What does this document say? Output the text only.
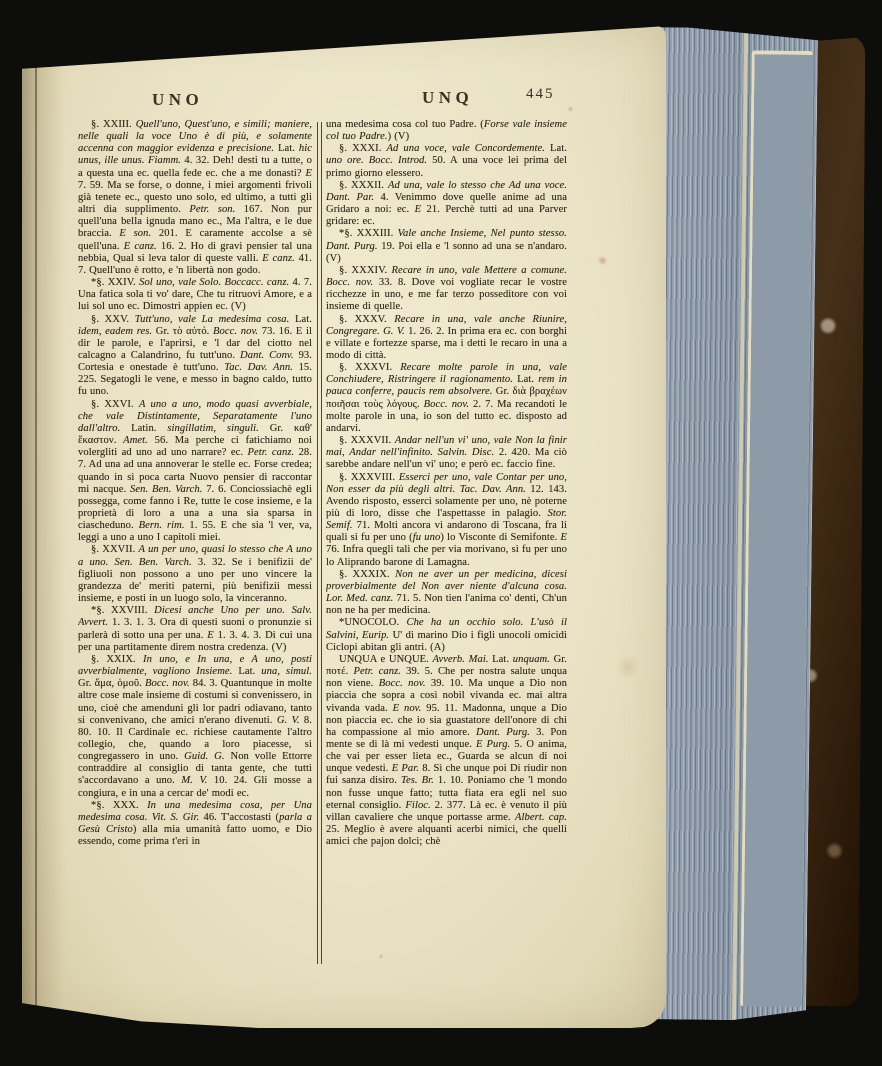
UNO	UNQ	445

§. XXIII. Quell'uno, Quest'uno, e simili; maniere, nelle quali la voce Uno è di più, e solamente accenna con maggior evidenza e precisione. Lat. hic unus, ille unus. Fiamm. 4. 32. Deh! desti tu a tutte, o a questa una ec. quella fede ec. che a me donasti? E 7. 59. Ma se forse, o donne, i miei argomenti frivoli già tenete ec., questo uno solo, ed ultimo, a tutti gli altri dia supplimento. Petr. son. 167. Non pur quell'una bella ignuda mano ec., Ma l'altra, e le due braccia. E son. 201. E caramente accolse a sè quell'una. E canz. 16. 2. Ho di gravi pensier tal una nebbia, Qual si leva talor di queste valli. E canz. 41. 7. Quell'uno è rotto, e 'n libertà non godo.

*§. XXIV. Sol uno, vale Solo. Boccacc. canz. 4. 7. Una fatica sola ti vo' dare, Che tu ritruovi Amore, e a lui sol uno ec. Dimostri appien ec. (V)

§. XXV. Tutt'uno, vale La medesima cosa. Lat. idem, eadem res. Gr. τὸ αὐτό. Bocc. nov. 73. 16. E il dir le parole, e l'aprirsi, e 'l dar del ciotto nel calcagno a Calandrino, fu tutt'uno. Dant. Conv. 93. Cortesia e onestade è tutt'uno. Tac. Dav. Ann. 15. 225. Segatogli le vene, e messo in bagno caldo, tutto fu uno.

§. XXVI. A uno a uno, modo quasi avverbiale, che vale Distintamente, Separatamente l'uno dall'altro. Latin. singillatim, singuli. Gr. καθ' ἕκαστον. Amet. 56. Ma perche ci fatichiamo noi volergliti ad uno ad uno narrare? ec. Petr. canz. 28. 7. Ad una ad una annoverar le stelle ec. Forse credea; quando in sì poca carta Nuovo pensier di raccontar mi nacque. Sen. Ben. Varch. 7. 6. Conciossiachè egli possegga, come fanno i Re, tutte le cose insieme, e la proprietà di loro a una a una sia sparsa in ciascheduno. Bern. rim. 1. 55. E che sia 'l ver, va, leggi a uno a uno I capitoli miei.

§. XXVII. A un per uno, quasi lo stesso che A uno a uno. Sen. Ben. Varch. 3. 32. Se i benifizii de' figliuoli non possono a uno per uno vincere la grandezza de' meriti paterni, più benifizii messi insieme, e posti in un luogo solo, la vinceranno.

*§. XXVIII. Dicesi anche Uno per uno. Salv. Avvert. 1. 3. 1. 3. Ora di questi suoni o pronunzie si parlerà di sotto una per una. E 1. 3. 4. 3. Di cui una per una partitamente direm nostra credenza. (V)

§. XXIX. In uno, e In una, e A uno, posti avverbialmente, vagliono Insieme. Lat. una, simul. Gr. ἅμα, ὁμοῦ. Bocc. nov. 84. 3. Quantunque in molte altre cose male insieme di costumi si convenissero, in uno, cioè che amenduni gli lor padri odiavano, tanto si convenivano, che amici n'erano divenuti. G. V. 8. 80. 10. Il Cardinale ec. richiese cautamente l'altro collegio, che, quando a loro piacesse, si congregassero in uno. Guid. G. Non volle Ettorre contraddire al consiglio di tanta gente, che tutti s'accordavano a uno. M. V. 10. 24. Gli mosse a congiura, e in una a cercar de' modi ec.

*§. XXX. In una medesima cosa, per Una medesima cosa. Vit. S. Gir. 46. T'accostasti (parla a Gesù Cristo) alla mia umanità fatto uomo, e Dio essendo, come prima t'eri in

una medesima cosa col tuo Padre. (Forse vale insieme col tuo Padre.) (V)

§. XXXI. Ad una voce, vale Concordemente. Lat. uno ore. Bocc. Introd. 50. A una voce lei prima del primo giorno elessero.

§. XXXII. Ad una, vale lo stesso che Ad una voce. Dant. Par. 4. Venimmo dove quelle anime ad una Gridaro a noi: ec. E 21. Perchè tutti ad una Parver gridare: ec.

*§. XXXIII. Vale anche Insieme, Nel punto stesso. Dant. Purg. 19. Poi ella e 'l sonno ad una se n'andaro. (V)

§. XXXIV. Recare in uno, vale Mettere a comune. Bocc. nov. 33. 8. Dove voi vogliate recar le vostre ricchezze in uno, e me far terzo posseditore con voi insieme di quelle.

§. XXXV. Recare in una, vale anche Riunire, Congregare. G. V. 1. 26. 2. In prima era ec. con borghi e villate e fortezze sparse, ma i detti le recaro in una a modo di città.

§. XXXVI. Recare molte parole in una, vale Conchiudere, Ristringere il ragionamento. Lat. rem in pauca conferre, paucis rem absolvere. Gr. διὰ βραχέων ποιῆσαι τοὺς λόγους. Bocc. nov. 2. 7. Ma recandoti le molte parole in una, io son del tutto ec. disposto ad andarvi.

§. XXXVII. Andar nell'un vi' uno, vale Non la finir mai, Andar nell'infinito. Salvin. Disc. 2. 420. Ma ciò sarebbe andare nell'un vi' uno; e però ec. faccio fine.

§. XXXVIII. Esserci per uno, vale Contar per uno, Non esser da più degli altri. Tac. Dav. Ann. 12. 143. Avendo risposto, esserci solamente per uno, nè poterne più di loro, disse che l'aspettasse in palagio. Stor. Semif. 71. Molti ancora vi andarono di Toscana, fra li quali si fu per uno (fu uno) lo Visconte di Semifonte. E 76. Infra quegli tali che per via morivano, sì fu per uno lo Aliprando barone di Lamagna.

§. XXXIX. Non ne aver un per medicina, dicesi proverbialmente del Non aver niente d'alcuna cosa. Lor. Med. canz. 71. 5. Non tien l'anima co' denti, Ch'un non ne ha per medicina.

*UNOCOLO. Che ha un occhio solo. L'usò il Salvini, Eurip. U' di marino Dio i figli unocoli omicidi Ciclopi abitan gli antri. (A)

UNQUA e UNQUE. Avverb. Mai. Lat. unquam. Gr. ποτέ. Petr. canz. 39. 5. Che per nostra salute unqua non viene. Bocc. nov. 39. 10. Ma unque a Dio non piaccia che sopra a così nobil vivanda ec. mai altra vivanda vada. E nov. 95. 11. Madonna, unque a Dio non piaccia ec. che io sia guastatore dell'onore di chi ha compassione al mio amore. Dant. Purg. 3. Pon mente se di là mi vedesti unque. E Purg. 5. O anima, che vai per esser lieta ec., Guarda se alcun di noi unque vedesti. E Par. 8. Sì che unque poi Di riudir non fui sanza disiro. Tes. Br. 1. 10. Poniamo che 'l mondo non fusse unque fatto; tutta fiata era egli nel suo eternal consiglio. Filoc. 2. 377. Là ec. è venuto il più villan cavaliere che unque portasse arme. Albert. cap. 25. Meglio è avere alquanti acerbi nimici, che quelli amici che pajon dolci; chè
